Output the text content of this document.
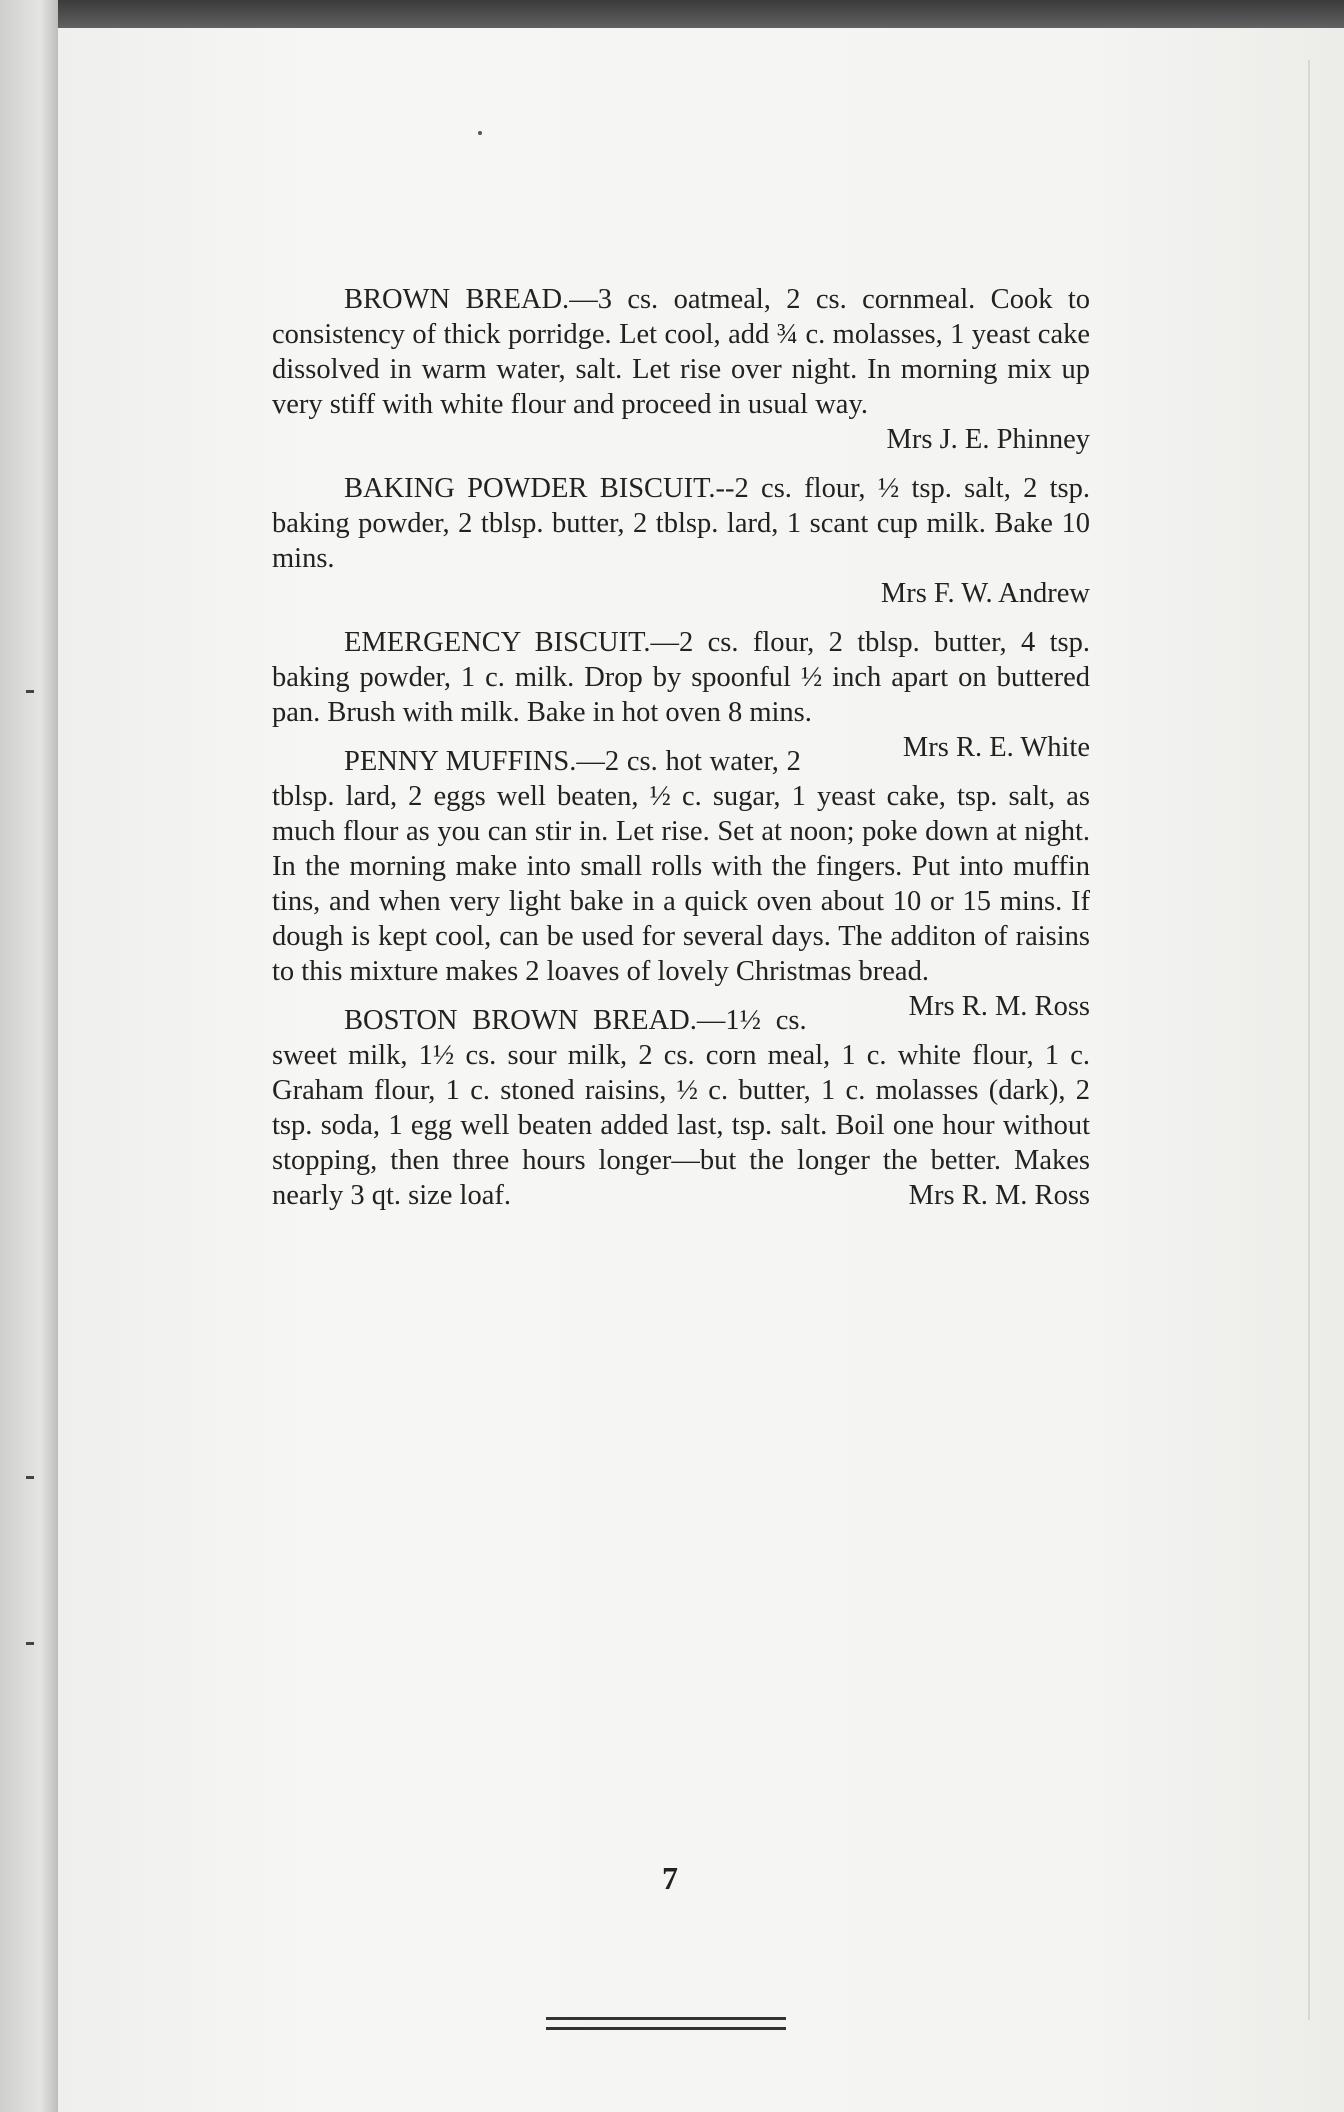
BROWN BREAD.—3 cs. oatmeal, 2 cs. cornmeal. Cook to consistency of thick porridge. Let cool, add ¾ c. molasses, 1 yeast cake dissolved in warm water, salt. Let rise over night. In morning mix up very stiff with white flour and proceed in usual way.

Mrs J. E. Phinney

BAKING POWDER BISCUIT.--2 cs. flour, ½ tsp. salt, 2 tsp. baking powder, 2 tblsp. butter, 2 tblsp. lard, 1 scant cup milk. Bake 10 mins.

Mrs F. W. Andrew

EMERGENCY BISCUIT.—2 cs. flour, 2 tblsp. butter, 4 tsp. baking powder, 1 c. milk. Drop by spoonful ½ inch apart on buttered pan. Brush with milk. Bake in hot oven 8 mins.
Mrs R. E. White

PENNY MUFFINS.—2 cs. hot water, 2 tblsp. lard, 2 eggs well beaten, ½ c. sugar, 1 yeast cake, tsp. salt, as much flour as you can stir in. Let rise. Set at noon; poke down at night. In the morning make into small rolls with the fingers. Put into muffin tins, and when very light bake in a quick oven about 10 or 15 mins. If dough is kept cool, can be used for several days. The additon of raisins to this mixture makes 2 loaves of lovely Christmas bread.
Mrs R. M. Ross

BOSTON BROWN BREAD.—1½ cs. sweet milk, 1½ cs. sour milk, 2 cs. corn meal, 1 c. white flour, 1 c. Graham flour, 1 c. stoned raisins, ½ c. butter, 1 c. molasses (dark), 2 tsp. soda, 1 egg well beaten added last, tsp. salt. Boil one hour without stopping, then three hours longer—but the longer the better. Makes nearly 3 qt. size loaf.	Mrs R. M. Ross

7
